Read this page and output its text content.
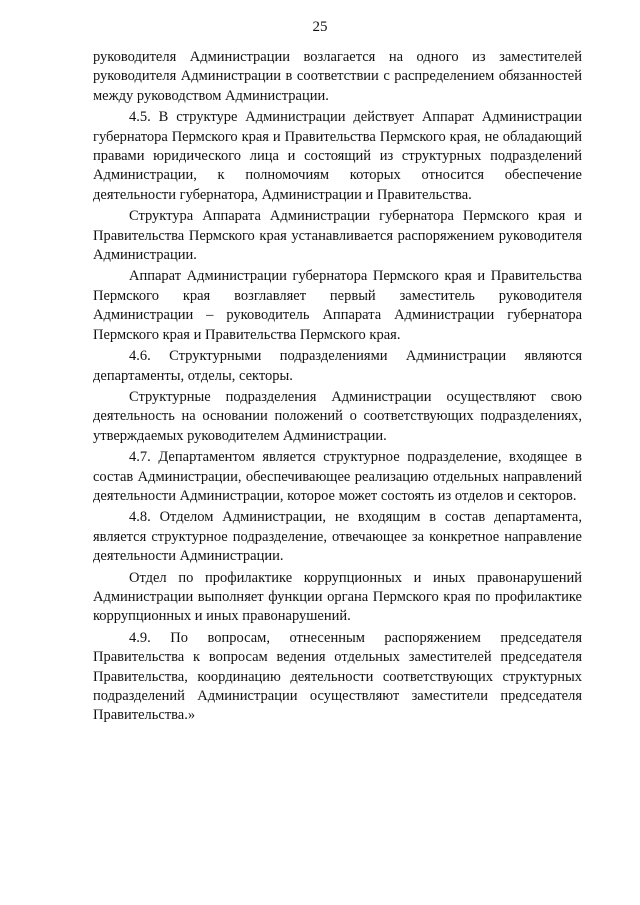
25

руководителя Администрации возлагается на одного из заместителей руководителя Администрации в соответствии с распределением обязанностей между руководством Администрации.

4.5. В структуре Администрации действует Аппарат Администрации губернатора Пермского края и Правительства Пермского края, не обладающий правами юридического лица и состоящий из структурных подразделений Администрации, к полномочиям которых относится обеспечение деятельности губернатора, Администрации и Правительства.

Структура Аппарата Администрации губернатора Пермского края и Правительства Пермского края устанавливается распоряжением руководителя Администрации.

Аппарат Администрации губернатора Пермского края и Правительства Пермского края возглавляет первый заместитель руководителя Администрации – руководитель Аппарата Администрации губернатора Пермского края и Правительства Пермского края.

4.6. Структурными подразделениями Администрации являются департаменты, отделы, секторы.

Структурные подразделения Администрации осуществляют свою деятельность на основании положений о соответствующих подразделениях, утверждаемых руководителем Администрации.

4.7. Департаментом является структурное подразделение, входящее в состав Администрации, обеспечивающее реализацию отдельных направлений деятельности Администрации, которое может состоять из отделов и секторов.

4.8. Отделом Администрации, не входящим в состав департамента, является структурное подразделение, отвечающее за конкретное направление деятельности Администрации.

Отдел по профилактике коррупционных и иных правонарушений Администрации выполняет функции органа Пермского края по профилактике коррупционных и иных правонарушений.

4.9. По вопросам, отнесенным распоряжением председателя Правительства к вопросам ведения отдельных заместителей председателя Правительства, координацию деятельности соответствующих структурных подразделений Администрации осуществляют заместители председателя Правительства.»
